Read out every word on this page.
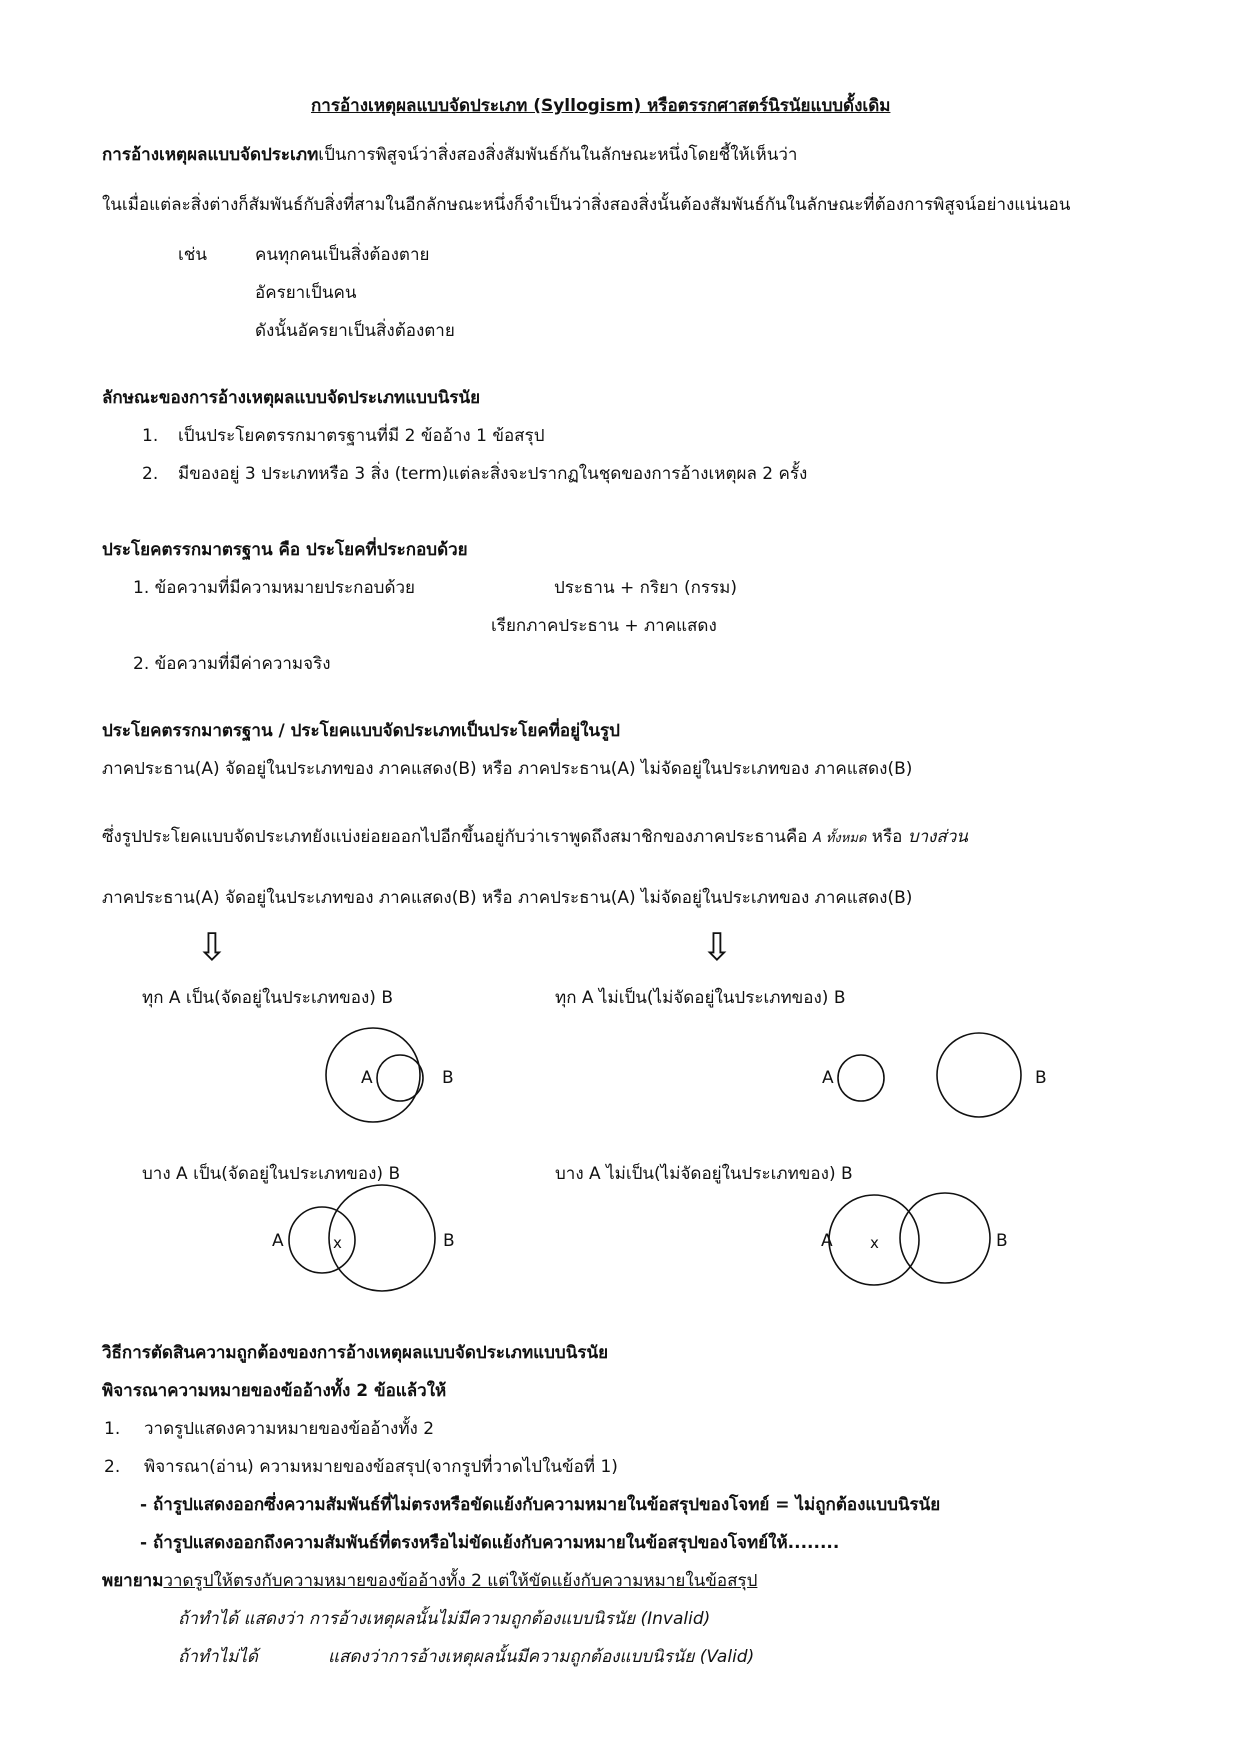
การอ้างเหตุผลแบบจัดประเภท (Syllogism) หรือตรรกศาสตร์นิรนัยแบบดั้งเดิม
การอ้างเหตุผลแบบจัดประเภทเป็นการพิสูจน์ว่าสิ่งสองสิ่งสัมพันธ์กันในลักษณะหนึ่งโดยชี้ให้เห็นว่า
ในเมื่อแต่ละสิ่งต่างก็สัมพันธ์กับสิ่งที่สามในอีกลักษณะหนึ่งก็จำเป็นว่าสิ่งสองสิ่งนั้นต้องสัมพันธ์กันในลักษณะที่ต้องการพิสูจน์อย่างแน่นอน
เช่น	คนทุกคนเป็นสิ่งต้องตาย
อัครยาเป็นคน
ดังนั้นอัครยาเป็นสิ่งต้องตาย
ลักษณะของการอ้างเหตุผลแบบจัดประเภทแบบนิรนัย
1. เป็นประโยคตรรกมาตรฐานที่มี 2 ข้ออ้าง 1 ข้อสรุป
2. มีของอยู่ 3 ประเภทหรือ 3 สิ่ง (term)แต่ละสิ่งจะปรากฏในชุดของการอ้างเหตุผล 2 ครั้ง
ประโยคตรรกมาตรฐาน คือ ประโยคที่ประกอบด้วย
1. ข้อความที่มีความหมายประกอบด้วย	ประธาน + กริยา (กรรม)
เรียกภาคประธาน + ภาคแสดง
2. ข้อความที่มีค่าความจริง
ประโยคตรรกมาตรฐาน / ประโยคแบบจัดประเภทเป็นประโยคที่อยู่ในรูป
ภาคประธาน(A) จัดอยู่ในประเภทของ ภาคแสดง(B) หรือ ภาคประธาน(A) ไม่จัดอยู่ในประเภทของ ภาคแสดง(B)
ซึ่งรูปประโยคแบบจัดประเภทยังแบ่งย่อยออกไปอีกขึ้นอยู่กับว่าเราพูดถึงสมาชิกของภาคประธานคือ A ทั้งหมด หรือ บางส่วน
ภาคประธาน(A) จัดอยู่ในประเภทของ ภาคแสดง(B) หรือ ภาคประธาน(A) ไม่จัดอยู่ในประเภทของ ภาคแสดง(B)
⇩	⇩
ทุก A เป็น(จัดอยู่ในประเภทของ) B	ทุก A ไม่เป็น(ไม่จัดอยู่ในประเภทของ) B
บาง A เป็น(จัดอยู่ในประเภทของ) B	บาง A ไม่เป็น(ไม่จัดอยู่ในประเภทของ) B
A	B	A	B
A	x	B	A x	B
วิธีการตัดสินความถูกต้องของการอ้างเหตุผลแบบจัดประเภทแบบนิรนัย
พิจารณาความหมายของข้ออ้างทั้ง 2 ข้อแล้วให้
1. วาดรูปแสดงความหมายของข้ออ้างทั้ง 2
2. พิจารณา(อ่าน) ความหมายของข้อสรุป(จากรูปที่วาดไปในข้อที่ 1)
- ถ้ารูปแสดงออกซึ่งความสัมพันธ์ที่ไม่ตรงหรือขัดแย้งกับความหมายในข้อสรุปของโจทย์ = ไม่ถูกต้องแบบนิรนัย
- ถ้ารูปแสดงออกถึงความสัมพันธ์ที่ตรงหรือไม่ขัดแย้งกับความหมายในข้อสรุปของโจทย์ให้........
พยายามวาดรูปให้ตรงกับความหมายของข้ออ้างทั้ง 2 แต่ให้ขัดแย้งกับความหมายในข้อสรุป
ถ้าทำได้ แสดงว่า การอ้างเหตุผลนั้นไม่มีความถูกต้องแบบนิรนัย (Invalid)
ถ้าทำไม่ได้	แสดงว่าการอ้างเหตุผลนั้นมีความถูกต้องแบบนิรนัย (Valid)
